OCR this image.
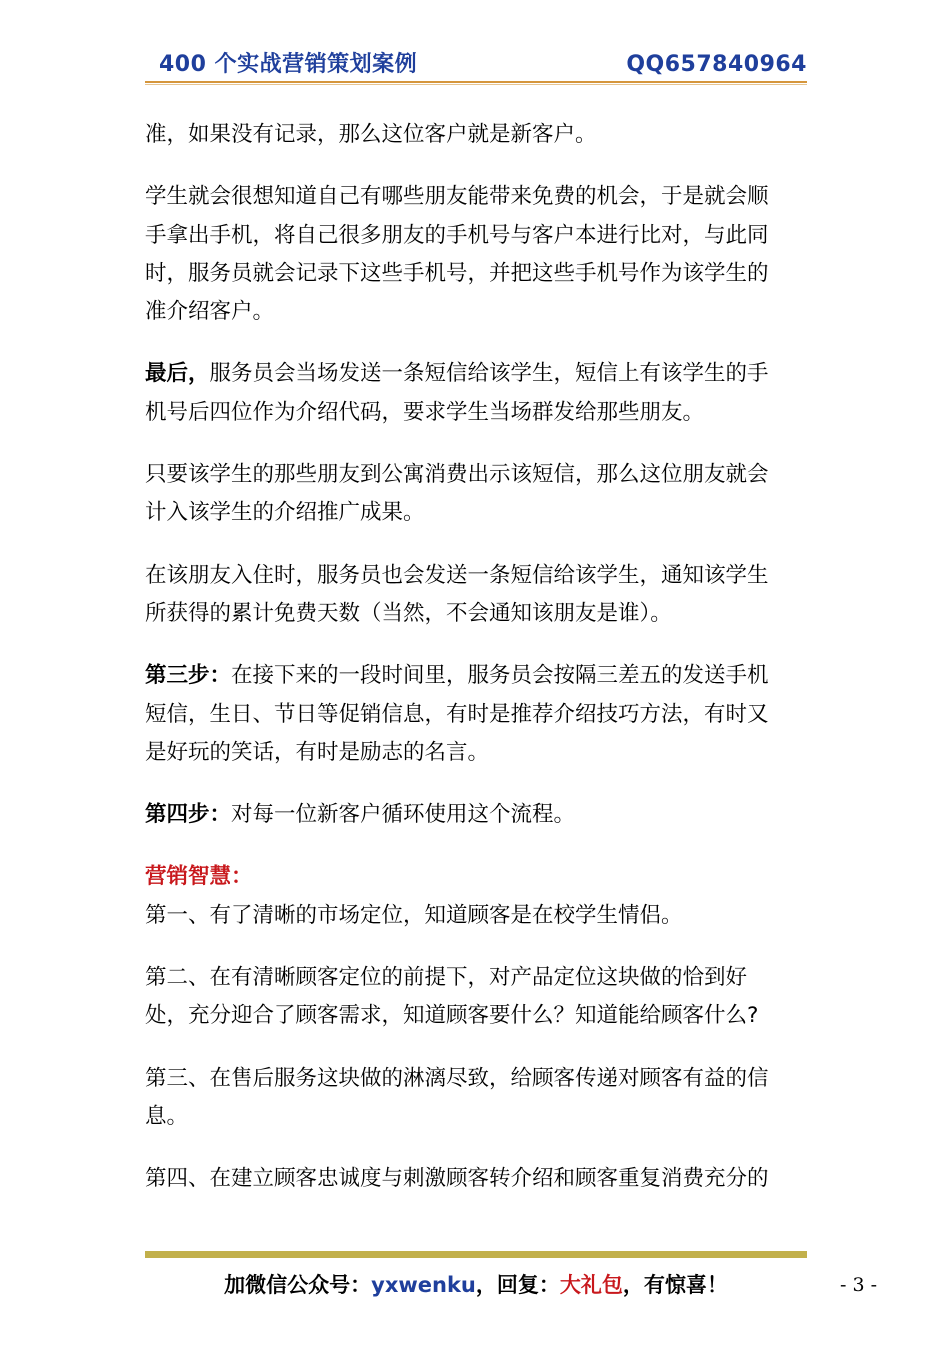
400 个实战营销策划案例	QQ657840964

准，如果没有记录，那么这位客户就是新客户。

学生就会很想知道自己有哪些朋友能带来免费的机会，于是就会顺
手拿出手机，将自己很多朋友的手机号与客户本进行比对，与此同
时，服务员就会记录下这些手机号，并把这些手机号作为该学生的
准介绍客户。

最后，服务员会当场发送一条短信给该学生，短信上有该学生的手
机号后四位作为介绍代码，要求学生当场群发给那些朋友。

只要该学生的那些朋友到公寓消费出示该短信，那么这位朋友就会
计入该学生的介绍推广成果。

在该朋友入住时，服务员也会发送一条短信给该学生，通知该学生
所获得的累计免费天数（当然，不会通知该朋友是谁）。

第三步：在接下来的一段时间里，服务员会按隔三差五的发送手机
短信，生日、节日等促销信息，有时是推荐介绍技巧方法，有时又
是好玩的笑话，有时是励志的名言。

第四步：对每一位新客户循环使用这个流程。

营销智慧：

第一、有了清晰的市场定位，知道顾客是在校学生情侣。

第二、在有清晰顾客定位的前提下，对产品定位这块做的恰到好
处，充分迎合了顾客需求，知道顾客要什么？知道能给顾客什么?

第三、在售后服务这块做的淋漓尽致，给顾客传递对顾客有益的信
息。

第四、在建立顾客忠诚度与刺激顾客转介绍和顾客重复消费充分的

加微信公众号：yxwenku，回复：大礼包，有惊喜！	- 3 -
